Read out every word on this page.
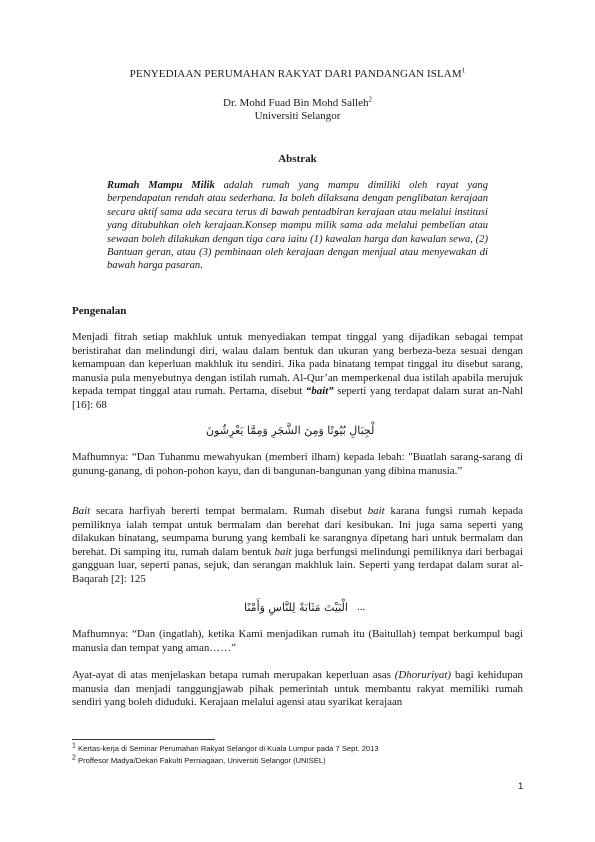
PENYEDIAAN PERUMAHAN RAKYAT DARI PANDANGAN ISLAM$^1$
Dr. Mohd Fuad Bin Mohd Salleh$^2$
Universiti Selangor
Abstrak
Rumah Mampu Milik adalah rumah yang mampu dimiliki oleh rayat yang berpendapatan rendah atau sederhana. Ia boleh dilaksana dengan penglibatan kerajaan secara aktif sama ada secara terus di bawah pentadbiran kerajaan atau melalui institusi yang ditubuhkan oleh kerajaan.Konsep mampu milik sama ada melalui pembelian atau sewaan boleh dilakukan dengan tiga cara iaitu (1) kawalan harga dan kawalan sewa, (2) Bantuan geran, atau (3) pembinaan oleh kerajaan dengan menjual atau menyewakan di bawah harga pasaran.
Pengenalan
Menjadi fitrah setiap makhluk untuk menyediakan tempat tinggal yang dijadikan sebagai tempat beristirahat dan melindungi diri, walau dalam bentuk dan ukuran yang berbeza-beza sesuai dengan kemampuan dan keperluan makhluk itu sendiri. Jika pada binatang tempat tinggal itu disebut sarang, manusia pula menyebutnya dengan istilah rumah. Al-Qur’an memperkenal dua istilah apabila merujuk kepada tempat tinggal atau rumah. Pertama, disebut “bait” seperti yang terdapat dalam surat an-Nahl [16]: 68
لْجِبَالِ بُيُوتًا وَمِنَ الشَّجَرِ وَمِمَّا يَعْرِشُونَ
Mafhumnya: “Dan Tuhanmu mewahyukan (memberi ilham) kepada lebah: "Buatlah sarang-sarang di gunung-ganang, di pohon-pohon kayu, dan di bangunan-bangunan yang dibina manusia.”
Bait secara harfiyah bererti tempat bermalam. Rumah disebut bait karana fungsi rumah kepada pemiliknya ialah tempat untuk bermalam dan berehat dari kesibukan. Ini juga sama seperti yang dilakukan binatang, seumpama burung yang kembali ke sarangnya dipetang hari untuk bermalam dan berehat. Di samping itu, rumah dalam bentuk bait juga berfungsi melindungi pemiliknya dari berbagai gangguan luar, seperti panas, sejuk, dan serangan makhluk lain. Seperti yang terdapat dalam surat al-Baqarah [2]: 125
الْبَيْتَ مَثَابَةً لِلنَّاسِ وَأَمْنًا ...
Mafhumnya: “Dan (ingatlah), ketika Kami menjadikan rumah itu (Baitullah) tempat berkumpul bagi manusia dan tempat yang aman……”
Ayat-ayat di atas menjelaskan betapa rumah merupakan keperluan asas (Dhoruriyat) bagi kehidupan manusia dan menjadi tanggungjawab pihak pemerintah untuk membantu rakyat memiliki rumah sendiri yang boleh diduduki. Kerajaan melalui agensi atau syarikat kerajaan
$^1$ Kertas-kerja di Seminar Perumahan Rakyat Selangor di Kuala Lumpur pada 7 Sept. 2013
$^2$ Proffesor Madya/Dekan Fakulti Perniagaan, Universiti Selangor (UNISEL)
1
